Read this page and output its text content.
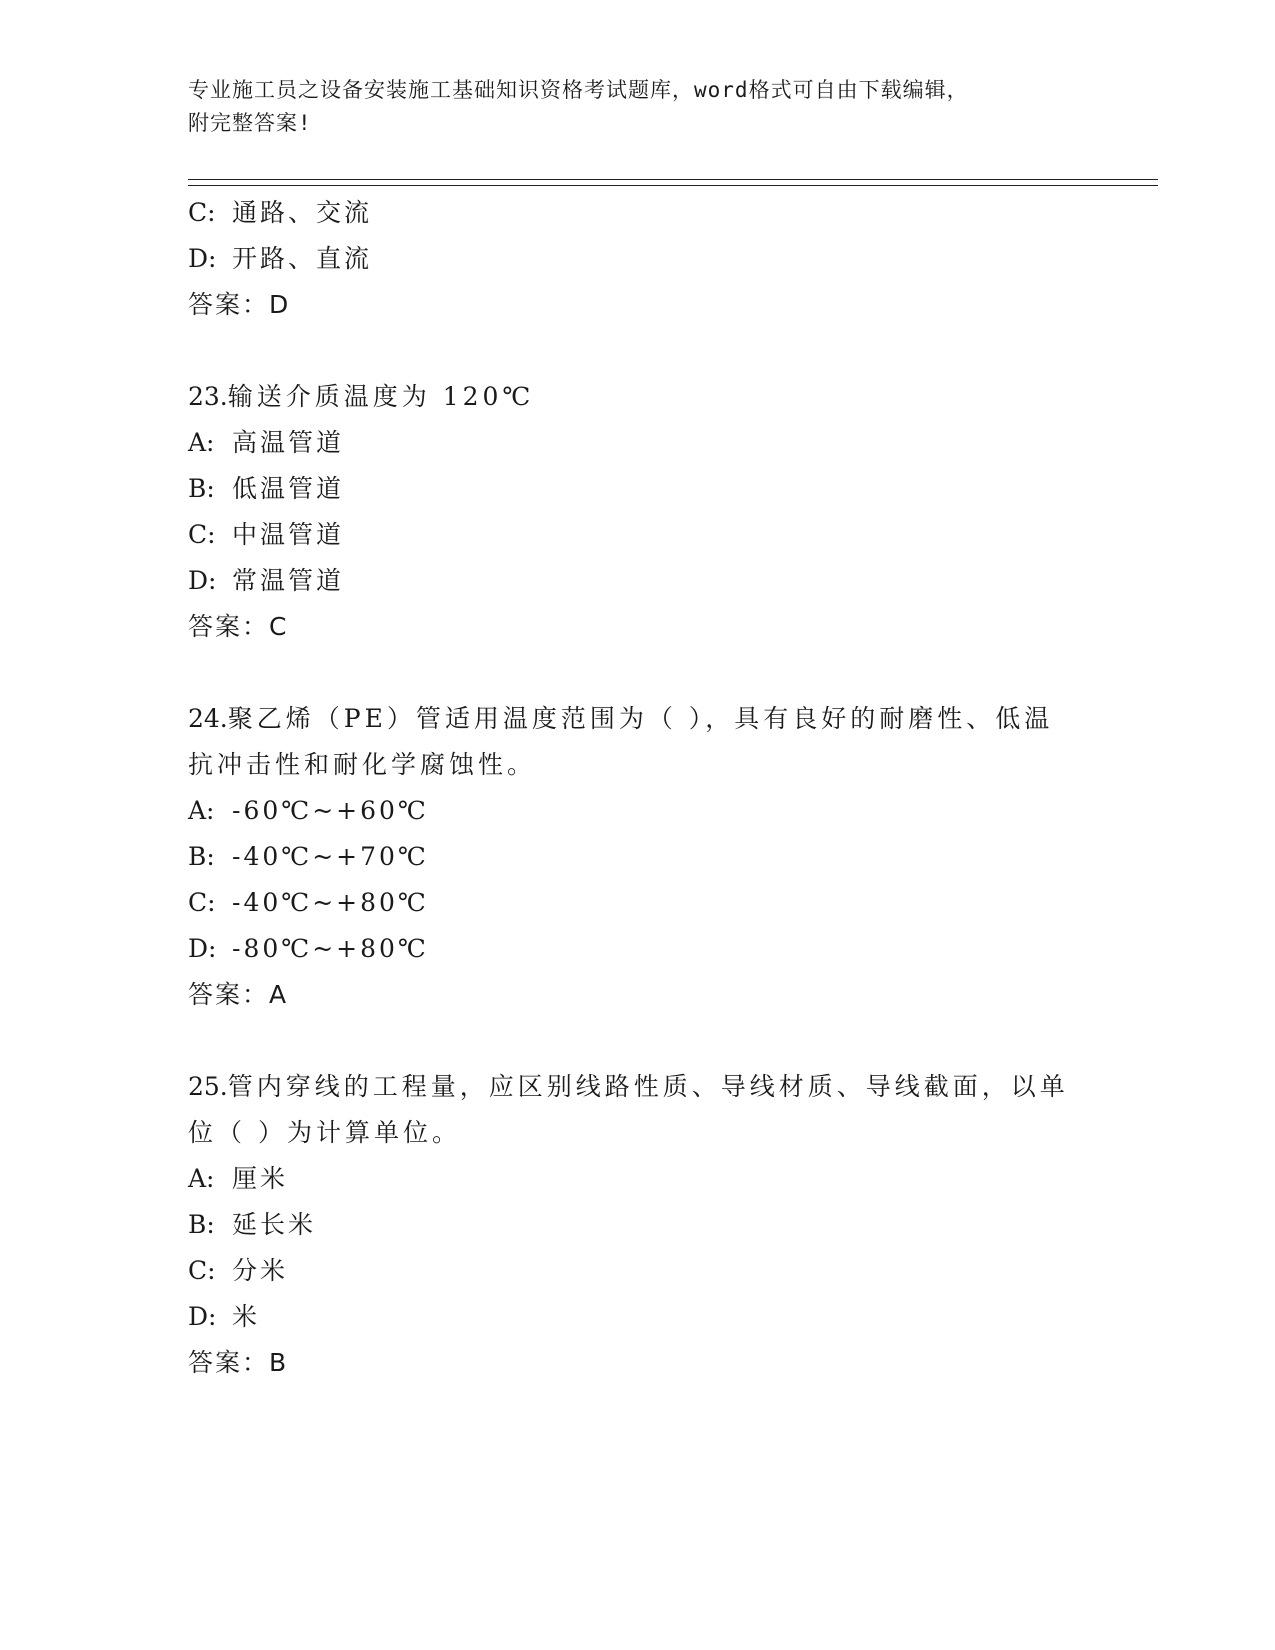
专业施工员之设备安装施工基础知识资格考试题库，word格式可自由下载编辑，
附完整答案!
C: 通路、交流
D: 开路、直流
答案：D
23.输送介质温度为 120℃
A: 高温管道
B: 低温管道
C: 中温管道
D: 常温管道
答案：C
24.聚乙烯（PE）管适用温度范围为（ ），具有良好的耐磨性、低温
抗冲击性和耐化学腐蚀性。
A: -60℃~+60℃
B: -40℃~+70℃
C: -40℃~+80℃
D: -80℃~+80℃
答案：A
25.管内穿线的工程量，应区别线路性质、导线材质、导线截面，以单
位（ ）为计算单位。
A: 厘米
B: 延长米
C: 分米
D: 米
答案：B
